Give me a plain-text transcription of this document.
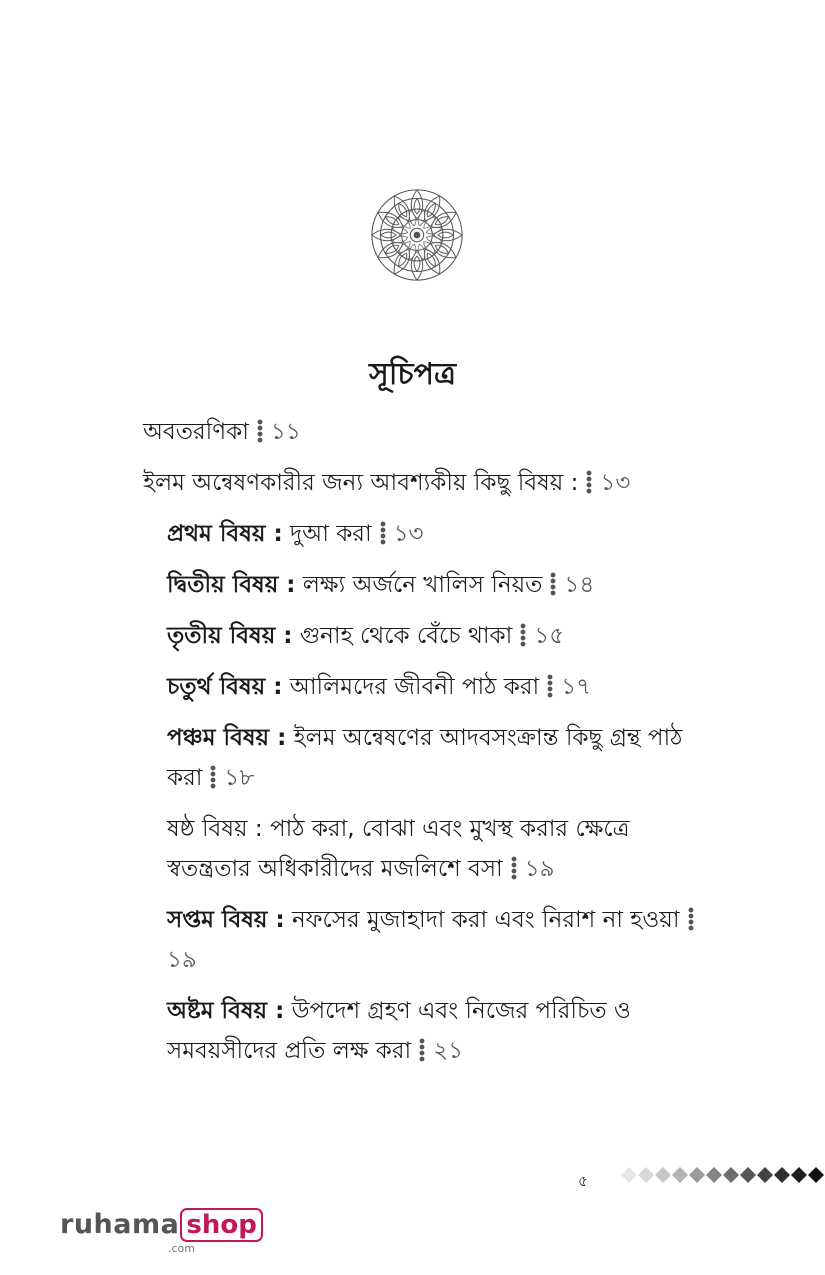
সূচিপত্র
অবতরণিকা ১১
ইলম অন্বেষণকারীর জন্য আবশ্যকীয় কিছু বিষয় : ১৩
প্রথম বিষয় : দুআ করা ১৩
দ্বিতীয় বিষয় : লক্ষ্য অর্জনে খালিস নিয়ত ১৪
তৃতীয় বিষয় : গুনাহ থেকে বেঁচে থাকা ১৫
চতুর্থ বিষয় : আলিমদের জীবনী পাঠ করা ১৭
পঞ্চম বিষয় : ইলম অন্বেষণের আদবসংক্রান্ত কিছু গ্রন্থ পাঠ করা ১৮
ষষ্ঠ বিষয় : পাঠ করা, বোঝা এবং মুখস্থ করার ক্ষেত্রে স্বতন্ত্রতার অধিকারীদের মজলিশে বসা ১৯
সপ্তম বিষয় : নফসের মুজাহাদা করা এবং নিরাশ না হওয়া১৯
অষ্টম বিষয় : উপদেশ গ্রহণ এবং নিজের পরিচিত ও সমবয়সীদের প্রতি লক্ষ করা ২১
৫
ruhama shop
.com
